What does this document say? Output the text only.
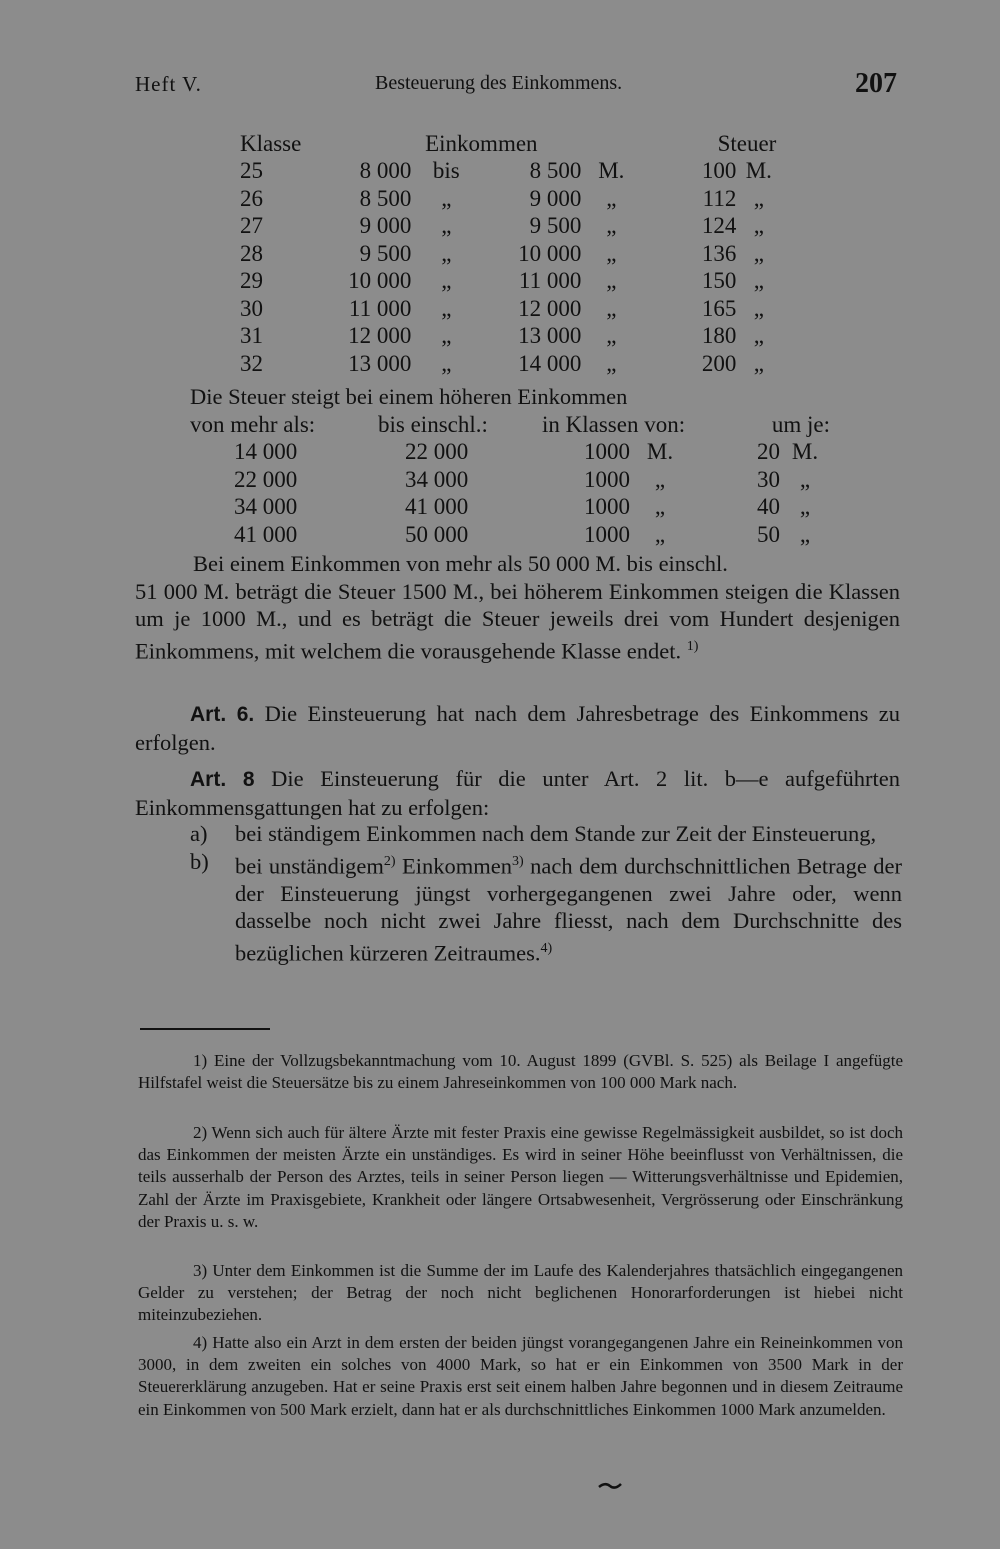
Heft V.	Besteuerung des Einkommens.	207
Klasse		Einkommen			Steuer	
25	8 000	bis	8 500	M.	100	M.
26	8 500	„	9 000	„	112	„
27	9 000	„	9 500	„	124	„
28	9 500	„	10 000	„	136	„
29	10 000	„	11 000	„	150	„
30	11 000	„	12 000	„	165	„
31	12 000	„	13 000	„	180	„
32	13 000	„	14 000	„	200	„

Die Steuer steigt bei einem höheren Einkommen

von mehr als:	bis einschl.:	in Klassen von:		um je:	
14 000	22 000	1000	M.	20	M.
22 000	34 000	1000	„	30	„
34 000	41 000	1000	„	40	„
41 000	50 000	1000	„	50	„

Bei einem Einkommen von mehr als 50 000 M. bis einschl.

51 000 M. beträgt die Steuer 1500 M., bei höherem Einkommen steigen die Klassen um je 1000 M., und es beträgt die Steuer jeweils drei vom Hundert desjenigen Einkommens, mit welchem die vorausgehende Klasse endet. $^{1)}$

Art. 6. Die Einsteuerung hat nach dem Jahresbetrage des Einkommens zu erfolgen.

Art. 8 Die Einsteuerung für die unter Art. 2 lit. b—e aufgeführten Einkommensgattungen hat zu erfolgen:

a) bei ständigem Einkommen nach dem Stande zur Zeit der Einsteuerung,
b) bei unständigem$^{2)}$ Einkommen$^{3)}$ nach dem durchschnittlichen Betrage der der Einsteuerung jüngst vorhergegangenen zwei Jahre oder, wenn dasselbe noch nicht zwei Jahre fliesst, nach dem Durchschnitte des bezüglichen kürzeren Zeitraumes.$^{4)}$

1) Eine der Vollzugsbekanntmachung vom 10. August 1899 (GVBl. S. 525) als Beilage I angefügte Hilfstafel weist die Steuersätze bis zu einem Jahreseinkommen von 100 000 Mark nach.

2) Wenn sich auch für ältere Ärzte mit fester Praxis eine gewisse Regelmässigkeit ausbildet, so ist doch das Einkommen der meisten Ärzte ein unständiges. Es wird in seiner Höhe beeinflusst von Verhältnissen, die teils ausserhalb der Person des Arztes, teils in seiner Person liegen — Witterungsverhältnisse und Epidemien, Zahl der Ärzte im Praxisgebiete, Krankheit oder längere Ortsabwesenheit, Vergrösserung oder Einschränkung der Praxis u. s. w.

3) Unter dem Einkommen ist die Summe der im Laufe des Kalenderjahres thatsächlich eingegangenen Gelder zu verstehen; der Betrag der noch nicht beglichenen Honorarforderungen ist hiebei nicht miteinzubeziehen.

4) Hatte also ein Arzt in dem ersten der beiden jüngst vorangegangenen Jahre ein Reineinkommen von 3000, in dem zweiten ein solches von 4000 Mark, so hat er ein Einkommen von 3500 Mark in der Steuererklärung anzugeben. Hat er seine Praxis erst seit einem halben Jahre begonnen und in diesem Zeitraume ein Einkommen von 500 Mark erzielt, dann hat er als durchschnittliches Einkommen 1000 Mark anzumelden.
